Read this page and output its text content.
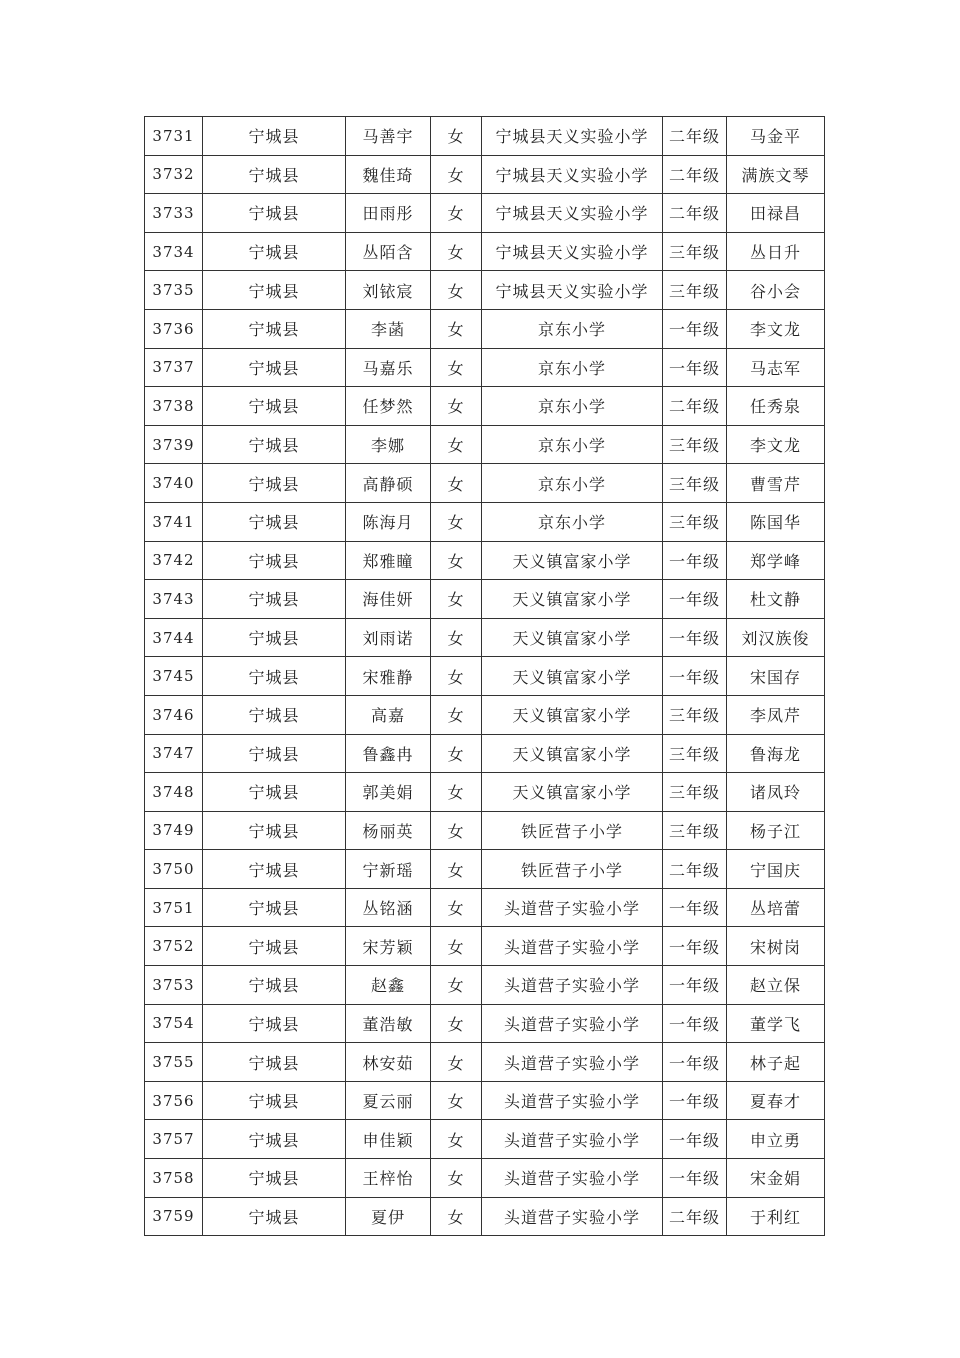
3731	宁城县	马善宇	女	宁城县天义实验小学	二年级	马金平
3732	宁城县	魏佳琦	女	宁城县天义实验小学	二年级	满族文琴
3733	宁城县	田雨彤	女	宁城县天义实验小学	二年级	田禄昌
3734	宁城县	丛陌含	女	宁城县天义实验小学	三年级	丛日升
3735	宁城县	刘铱宸	女	宁城县天义实验小学	三年级	谷小会
3736	宁城县	李菡	女	京东小学	一年级	李文龙
3737	宁城县	马嘉乐	女	京东小学	一年级	马志军
3738	宁城县	任梦然	女	京东小学	二年级	任秀泉
3739	宁城县	李娜	女	京东小学	三年级	李文龙
3740	宁城县	高静硕	女	京东小学	三年级	曹雪芹
3741	宁城县	陈海月	女	京东小学	三年级	陈国华
3742	宁城县	郑雅瞳	女	天义镇富家小学	一年级	郑学峰
3743	宁城县	海佳妍	女	天义镇富家小学	一年级	杜文静
3744	宁城县	刘雨诺	女	天义镇富家小学	一年级	刘汉族俊
3745	宁城县	宋雅静	女	天义镇富家小学	一年级	宋国存
3746	宁城县	高嘉	女	天义镇富家小学	三年级	李凤芹
3747	宁城县	鲁鑫冉	女	天义镇富家小学	三年级	鲁海龙
3748	宁城县	郭美娟	女	天义镇富家小学	三年级	诸凤玲
3749	宁城县	杨丽英	女	铁匠营子小学	三年级	杨子江
3750	宁城县	宁新瑶	女	铁匠营子小学	二年级	宁国庆
3751	宁城县	丛铭涵	女	头道营子实验小学	一年级	丛培蕾
3752	宁城县	宋芳颖	女	头道营子实验小学	一年级	宋树岗
3753	宁城县	赵鑫	女	头道营子实验小学	一年级	赵立保
3754	宁城县	董浩敏	女	头道营子实验小学	一年级	董学飞
3755	宁城县	林安茹	女	头道营子实验小学	一年级	林子起
3756	宁城县	夏云丽	女	头道营子实验小学	一年级	夏春才
3757	宁城县	申佳颖	女	头道营子实验小学	一年级	申立勇
3758	宁城县	王梓怡	女	头道营子实验小学	一年级	宋金娟
3759	宁城县	夏伊	女	头道营子实验小学	二年级	于利红
